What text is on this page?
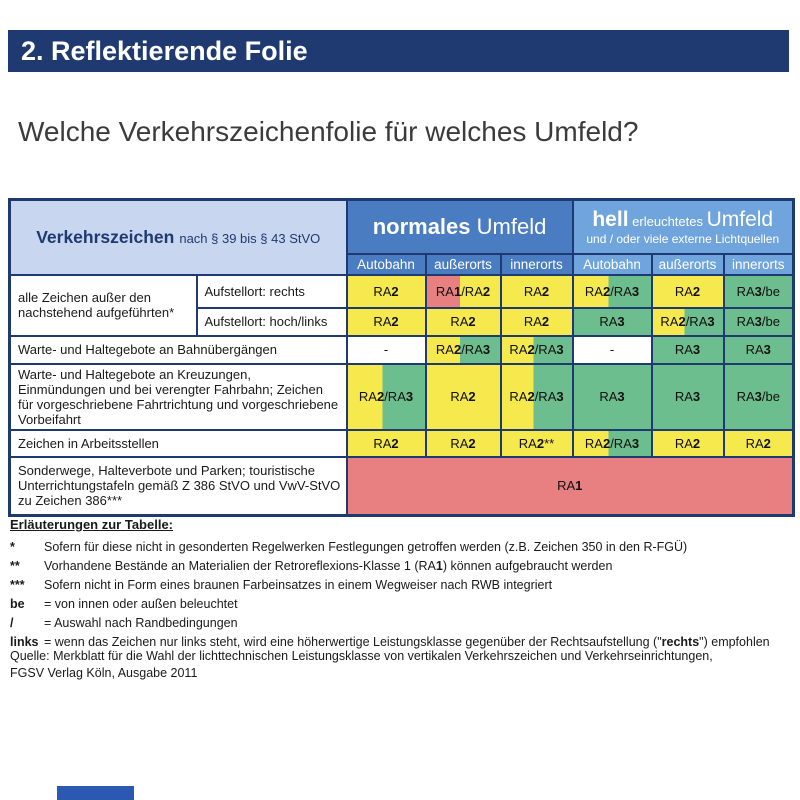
2. Reflektierende Folie
Welche Verkehrszeichenfolie für welches Umfeld?
Verkehrszeichen nach § 39 bis § 43 StVO		normales Umfeld			hell erleuchtetes Umfeld
und / oder viele externe Lichtquellen		

		Autobahn	außerorts	innerorts	Autobahn	außerorts	innerorts
alle Zeichen außer den nachstehend aufgeführten*	Aufstellort: rechts	RA2	RA1/RA2	RA2	RA2/RA3	RA2	RA3/be
	Aufstellort: hoch/links	RA2	RA2	RA2	RA3	RA2/RA3	RA3/be
Warte- und Haltegebote an Bahnübergängen		-	RA2/RA3	RA2/RA3	-	RA3	RA3
Warte- und Haltegebote an Kreuzungen, Einmündungen und bei verengter Fahrbahn; Zeichen für vorgeschriebene Fahrtrichtung und vorgeschriebene Vorbeifahrt		RA2/RA3	RA2	RA2/RA3	RA3	RA3	RA3/be
Zeichen in Arbeitsstellen		RA2	RA2	RA2**	RA2/RA3	RA2	RA2
Sonderwege, Halteverbote und Parken; touristische Unterrichtungstafeln gemäß Z 386 StVO und VwV-StVO zu Zeichen 386***		RA1					
Erläuterungen zur Tabelle:
*	Sofern für diese nicht in gesonderten Regelwerken Festlegungen getroffen werden (z.B. Zeichen 350 in den R-FGÜ)
**	Vorhandene Bestände an Materialien der Retroreflexions-Klasse 1 (RA1) können aufgebraucht werden
***	Sofern nicht in Form eines braunen Farbeinsatzes in einem Wegweiser nach RWB integriert
be	= von innen oder außen beleuchtet
/	= Auswahl nach Randbedingungen
links = wenn das Zeichen nur links steht, wird eine höherwertige Leistungsklasse gegenüber der Rechtsaufstellung ("rechts") empfohlen
Quelle: Merkblatt für die Wahl der lichttechnischen Leistungsklasse von vertikalen Verkehrszeichen und Verkehrseinrichtungen,
FGSV Verlag Köln, Ausgabe 2011
